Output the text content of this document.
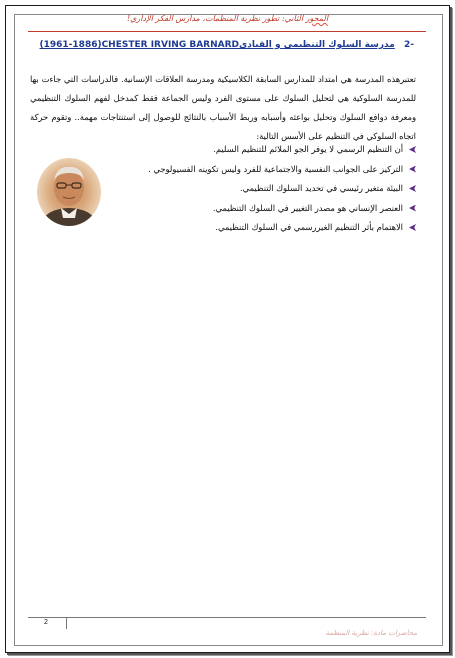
المحور الثاني: تطور نظرية المنظمات، مدارس الفكر الإداري!
-2 مدرسة السلوك التنظيمي و القياديCHESTER IRVING BARNARD(1961-1886)

تعتبرهذه المدرسة هي امتداد للمدارس السابقة الكلاسيكية ومدرسة العلاقات الإنسانية. فالدراسات التي جاءت بها للمدرسة السلوكية هي لتحليل السلوك على مستوى الفرد وليس الجماعة فقط كمدخل لفهم السلوك التنظيمي ومعرفة دوافع السلوك وتحليل بواعثه وأسبابه وربط الأسباب بالنتائج للوصول إلى استنتاجات مهمة.. وتقوم حركة اتجاه السلوكي في التنظيم على الأسس التالية:

أن التنظيم الرسمي لا يوفر الجو الملائم للتنظيم السليم.
التركيز على الجوانب النفسية والاجتماعية للفرد وليس تكوينه الفسيولوجي .
البيئة متغير رئيسي في تحديد السلوك التنظيمي.
العنصر الإنساني هو مصدر التغيير في السلوك التنظيمي.
الاهتمام بأثر التنظيم الغيررسمي في السلوك التنظيمي.
2
محاضرات مادة: نظرية المنظمة
